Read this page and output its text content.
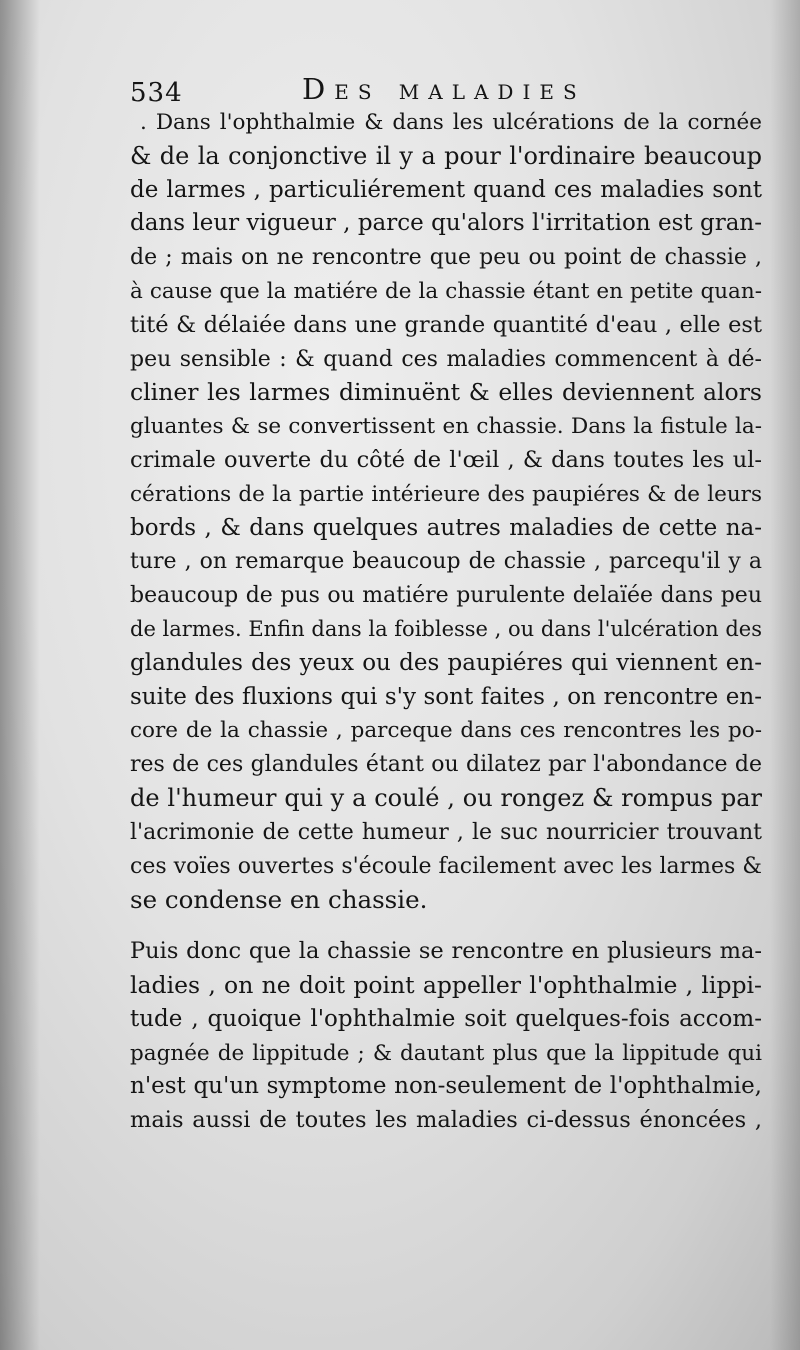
534	Des maladies
. Dans l'ophthalmie & dans les ulcérations de la cornée
& de la conjonctive il y a pour l'ordinaire beaucoup
de larmes , particuliérement quand ces maladies sont
dans leur vigueur , parce qu'alors l'irritation est gran-
de ; mais on ne rencontre que peu ou point de chassie ,
à cause que la matiére de la chassie étant en petite quan-
tité & délaiée dans une grande quantité d'eau , elle est
peu sensible : & quand ces maladies commencent à dé-
cliner les larmes diminuënt & elles deviennent alors
gluantes & se convertissent en chassie. Dans la fistule la-
crimale ouverte du côté de l'œil , & dans toutes les ul-
cérations de la partie intérieure des paupiéres & de leurs
bords , & dans quelques autres maladies de cette na-
ture , on remarque beaucoup de chassie , parcequ'il y a
beaucoup de pus ou matiére purulente delaïée dans peu
de larmes. Enfin dans la foiblesse , ou dans l'ulcération des
glandules des yeux ou des paupiéres qui viennent en-
suite des fluxions qui s'y sont faites , on rencontre en-
core de la chassie , parceque dans ces rencontres les po-
res de ces glandules étant ou dilatez par l'abondance de
de l'humeur qui y a coulé , ou rongez & rompus par
l'acrimonie de cette humeur , le suc nourricier trouvant
ces voïes ouvertes s'écoule facilement avec les larmes &
se condense en chassie.
Puis donc que la chassie se rencontre en plusieurs ma-
ladies , on ne doit point appeller l'ophthalmie , lippi-
tude , quoique l'ophthalmie soit quelques-fois accom-
pagnée de lippitude ; & dautant plus que la lippitude qui
n'est qu'un symptome non-seulement de l'ophthalmie,
mais aussi de toutes les maladies ci-dessus énoncées ,
